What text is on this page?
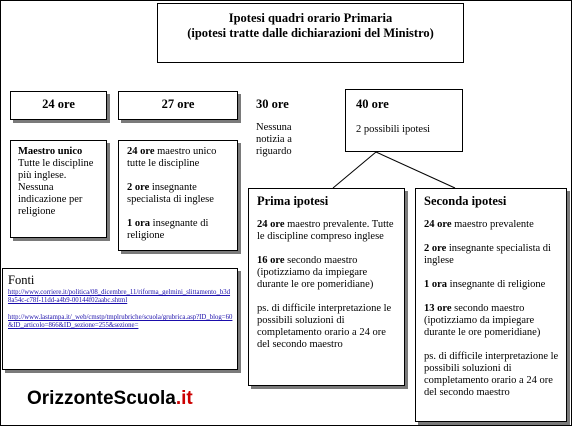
Ipotesi quadri orario Primaria
(ipotesi tratte dalle dichiarazioni del Ministro)
24 ore	27 ore	30 ore
Nessuna notizia a riguardo
40 ore
2 possibili ipotesi
Maestro unico
Tutte le discipline più inglese. Nessuna indicazione per religione

24 ore maestro unico tutte le discipline

2 ore insegnante specialista di inglese

1 ora insegnante di religione

Prima ipotesi

24 ore maestro prevalente. Tutte le discipline compreso inglese

16 ore secondo maestro (ipotizziamo da impiegare durante le ore pomeridiane)

ps. di difficile interpretazione le possibili soluzioni di completamento orario a 24 ore del secondo maestro

Seconda ipotesi

24 ore maestro prevalente

2 ore insegnante specialista di inglese

1 ora insegnante di religione

13 ore secondo maestro (ipotizziamo da impiegare durante le ore pomeridiane)

ps. di difficile interpretazione le possibili soluzioni di completamento orario a 24 ore del secondo maestro

Fonti
http://www.corriere.it/politica/08_dicembre_11/riforma_gelmini_slittamento_b3d8a54c-c78f-11dd-a4b9-00144f02aabc.shtml
http://www.lastampa.it/_web/cmstp/tmplrubriche/scuola/grubrica.asp?ID_blog=60&ID_articolo=866&ID_sezione=255&sezione=
OrizzonteScuola.it
